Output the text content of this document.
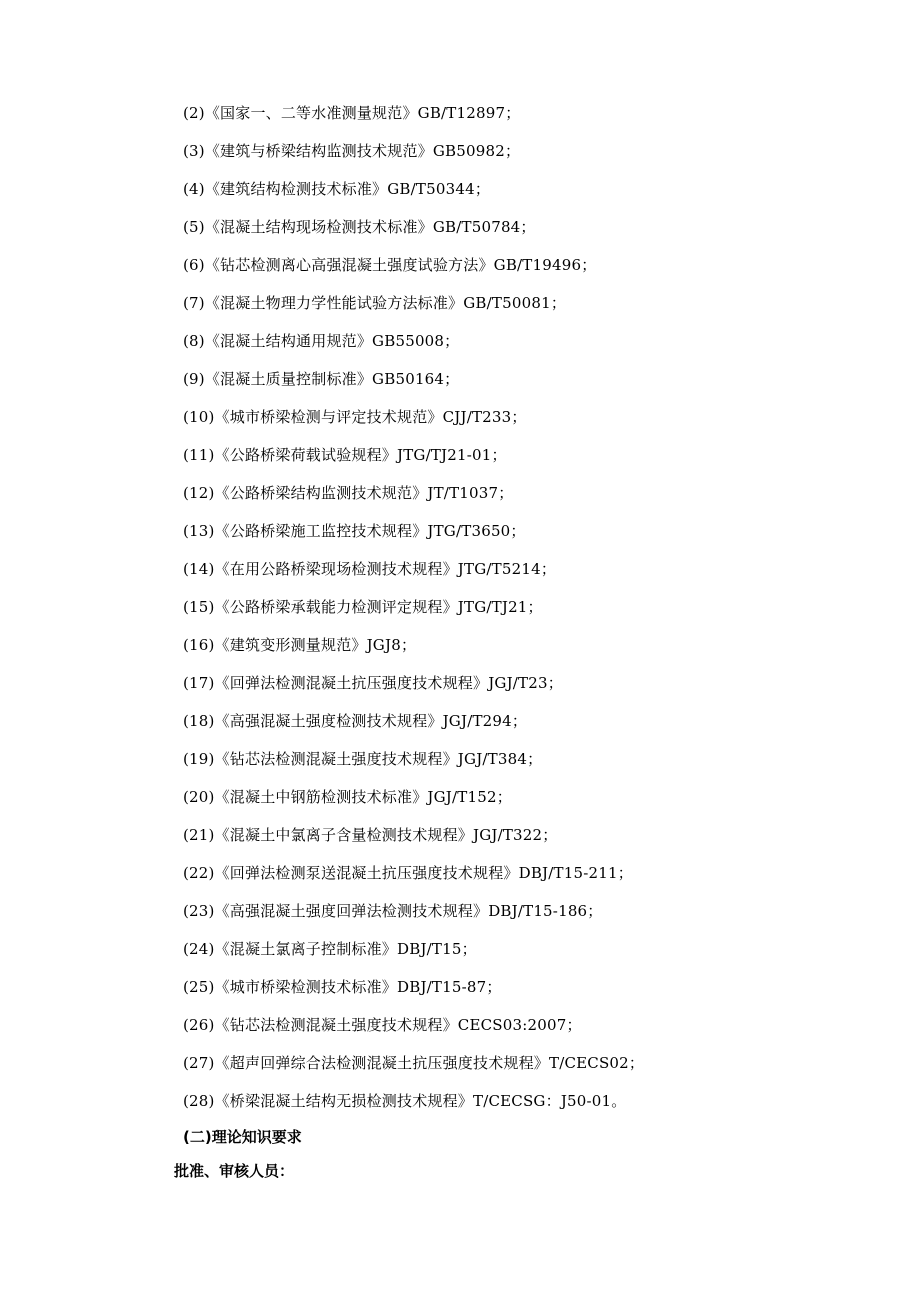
(2)《国家一、二等水准测量规范》GB/T12897；
(3)《建筑与桥梁结构监测技术规范》GB50982；
(4)《建筑结构检测技术标准》GB/T50344；
(5)《混凝土结构现场检测技术标准》GB/T50784；
(6)《钻芯检测离心高强混凝土强度试验方法》GB/T19496；
(7)《混凝土物理力学性能试验方法标准》GB/T50081；
(8)《混凝土结构通用规范》GB55008；
(9)《混凝土质量控制标准》GB50164；
(10)《城市桥梁检测与评定技术规范》CJJ/T233；
(11)《公路桥梁荷载试验规程》JTG/TJ21-01；
(12)《公路桥梁结构监测技术规范》JT/T1037；
(13)《公路桥梁施工监控技术规程》JTG/T3650；
(14)《在用公路桥梁现场检测技术规程》JTG/T5214；
(15)《公路桥梁承载能力检测评定规程》JTG/TJ21；
(16)《建筑变形测量规范》JGJ8；
(17)《回弹法检测混凝土抗压强度技术规程》JGJ/T23；
(18)《高强混凝土强度检测技术规程》JGJ/T294；
(19)《钻芯法检测混凝土强度技术规程》JGJ/T384；
(20)《混凝土中钢筋检测技术标准》JGJ/T152；
(21)《混凝土中氯离子含量检测技术规程》JGJ/T322；
(22)《回弹法检测泵送混凝土抗压强度技术规程》DBJ/T15-211；
(23)《高强混凝土强度回弹法检测技术规程》DBJ/T15-186；
(24)《混凝土氯离子控制标准》DBJ/T15；
(25)《城市桥梁检测技术标准》DBJ/T15-87；
(26)《钻芯法检测混凝土强度技术规程》CECS03:2007；
(27)《超声回弹综合法检测混凝土抗压强度技术规程》T/CECS02；
(28)《桥梁混凝土结构无损检测技术规程》T/CECSG：J50-01。
(二)理论知识要求
批准、审核人员：
